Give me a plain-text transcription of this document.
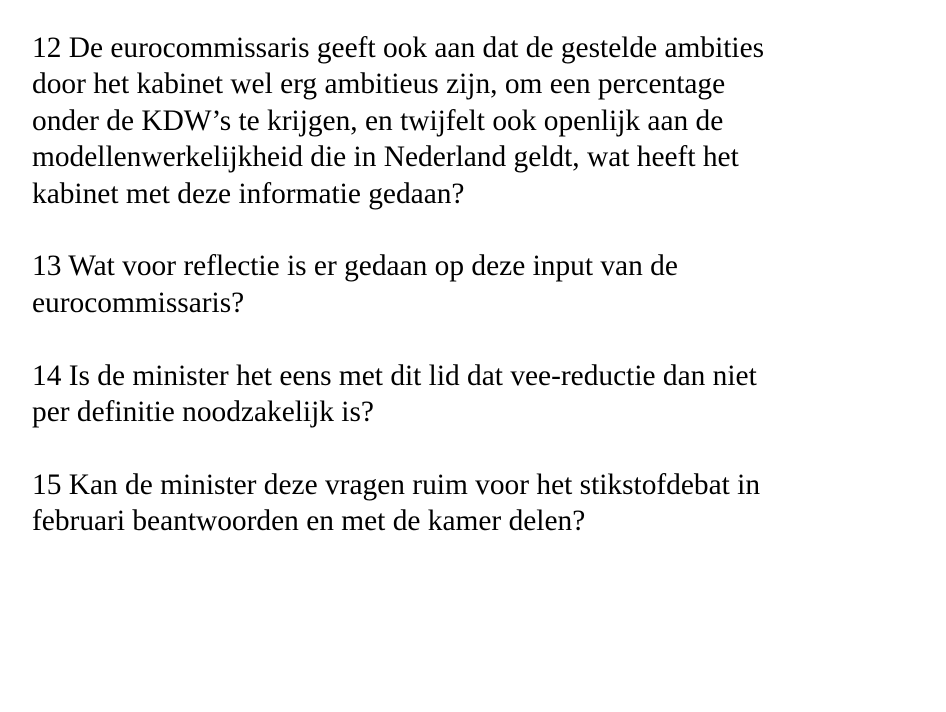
12 De eurocommissaris geeft ook aan dat de gestelde ambities
door het kabinet wel erg ambitieus zijn, om een percentage
onder de KDW’s te krijgen, en twijfelt ook openlijk aan de
modellenwerkelijkheid die in Nederland geldt, wat heeft het
kabinet met deze informatie gedaan?
13 Wat voor reflectie is er gedaan op deze input van de
eurocommissaris?
14 Is de minister het eens met dit lid dat vee-reductie dan niet
per definitie noodzakelijk is?
15 Kan de minister deze vragen ruim voor het stikstofdebat in
februari beantwoorden en met de kamer delen?
